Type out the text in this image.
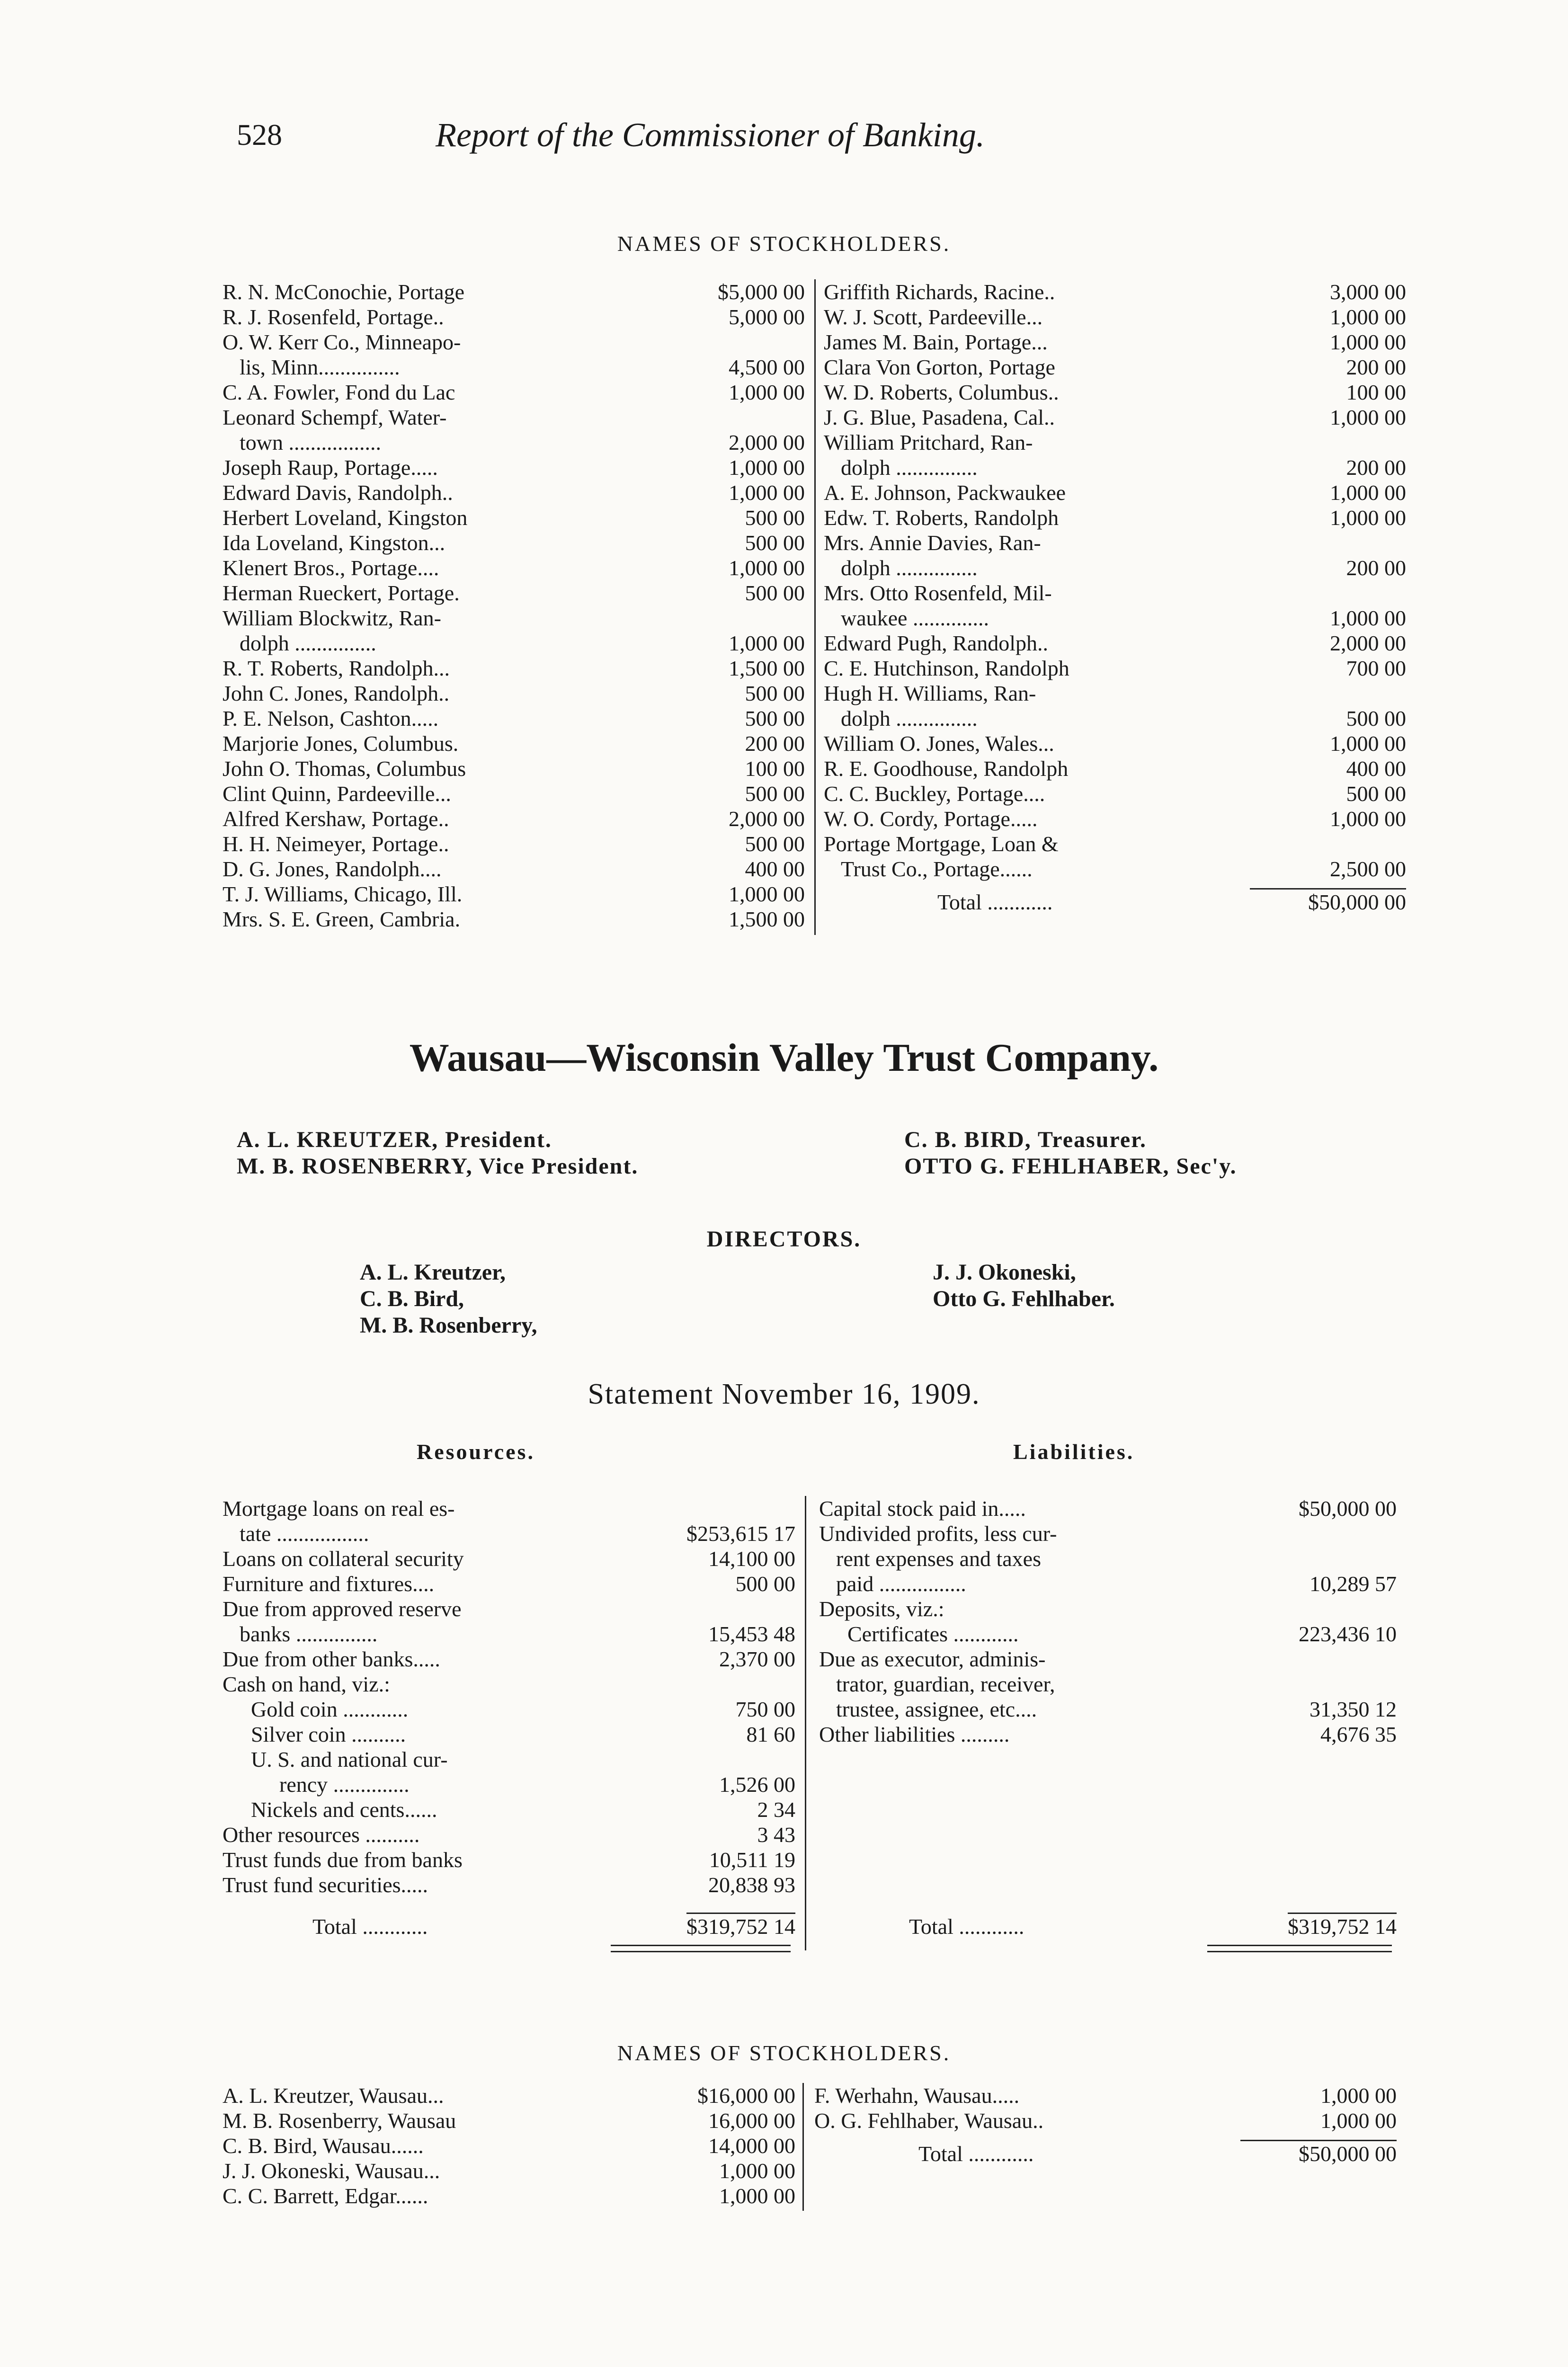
528	Report of the Commissioner of Banking.
NAMES OF STOCKHOLDERS.
R. N. McConochie, Portage	$5,000 00
R. J. Rosenfeld, Portage..	5,000 00
O. W. Kerr Co., Minneapo-
lis, Minn...............	4,500 00
C. A. Fowler, Fond du Lac	1,000 00
Leonard Schempf, Water-
town .................	2,000 00
Joseph Raup, Portage.....	1,000 00
Edward Davis, Randolph..	1,000 00
Herbert Loveland, Kingston	500 00
Ida Loveland, Kingston...	500 00
Klenert Bros., Portage....	1,000 00
Herman Rueckert, Portage.	500 00
William Blockwitz, Ran-
dolph ...............	1,000 00
R. T. Roberts, Randolph...	1,500 00
John C. Jones, Randolph..	500 00
P. E. Nelson, Cashton.....	500 00
Marjorie Jones, Columbus.	200 00
John O. Thomas, Columbus	100 00
Clint Quinn, Pardeeville...	500 00
Alfred Kershaw, Portage..	2,000 00
H. H. Neimeyer, Portage..	500 00
D. G. Jones, Randolph....	400 00
T. J. Williams, Chicago, Ill.	1,000 00
Mrs. S. E. Green, Cambria.	1,500 00
Griffith Richards, Racine..	3,000 00
W. J. Scott, Pardeeville...	1,000 00
James M. Bain, Portage...	1,000 00
Clara Von Gorton, Portage	200 00
W. D. Roberts, Columbus..	100 00
J. G. Blue, Pasadena, Cal..	1,000 00
William Pritchard, Ran-
dolph ...............	200 00
A. E. Johnson, Packwaukee	1,000 00
Edw. T. Roberts, Randolph	1,000 00
Mrs. Annie Davies, Ran-
dolph ...............	200 00
Mrs. Otto Rosenfeld, Mil-
waukee ..............	1,000 00
Edward Pugh, Randolph..	2,000 00
C. E. Hutchinson, Randolph	700 00
Hugh H. Williams, Ran-
dolph ...............	500 00
William O. Jones, Wales...	1,000 00
R. E. Goodhouse, Randolph	400 00
C. C. Buckley, Portage....	500 00
W. O. Cordy, Portage.....	1,000 00
Portage Mortgage, Loan &
Trust Co., Portage......	2,500 00
Total ............	$50,000 00
Wausau—Wisconsin Valley Trust Company.
A. L. KREUTZER, President.
M. B. ROSENBERRY, Vice President.
C. B. BIRD, Treasurer.
OTTO G. FEHLHABER, Sec'y.
DIRECTORS.
A. L. Kreutzer,
C. B. Bird,
M. B. Rosenberry,
J. J. Okoneski,
Otto G. Fehlhaber.
Statement November 16, 1909.
Resources.	Liabilities.
Mortgage loans on real es-
tate .................	$253,615 17
Loans on collateral security	14,100 00
Furniture and fixtures....	500 00
Due from approved reserve
banks ...............	15,453 48
Due from other banks.....	2,370 00
Cash on hand, viz.:
Gold coin ............	750 00
Silver coin ..........	81 60
U. S. and national cur-
rency ..............	1,526 00
Nickels and cents......	2 34
Other resources ..........	3 43
Trust funds due from banks	10,511 19
Trust fund securities.....	20,838 93
Capital stock paid in.....	$50,000 00
Undivided profits, less cur-
rent expenses and taxes
paid ................	10,289 57
Deposits, viz.:
Certificates ............	223,436 10
Due as executor, adminis-
trator, guardian, receiver,
trustee, assignee, etc....	31,350 12
Other liabilities .........	4,676 35
Total ............	$319,752 14	Total ............	$319,752 14
NAMES OF STOCKHOLDERS.
A. L. Kreutzer, Wausau...	$16,000 00
M. B. Rosenberry, Wausau	16,000 00
C. B. Bird, Wausau......	14,000 00
J. J. Okoneski, Wausau...	1,000 00
C. C. Barrett, Edgar......	1,000 00
F. Werhahn, Wausau.....	1,000 00
O. G. Fehlhaber, Wausau..	1,000 00
Total ............	$50,000 00
